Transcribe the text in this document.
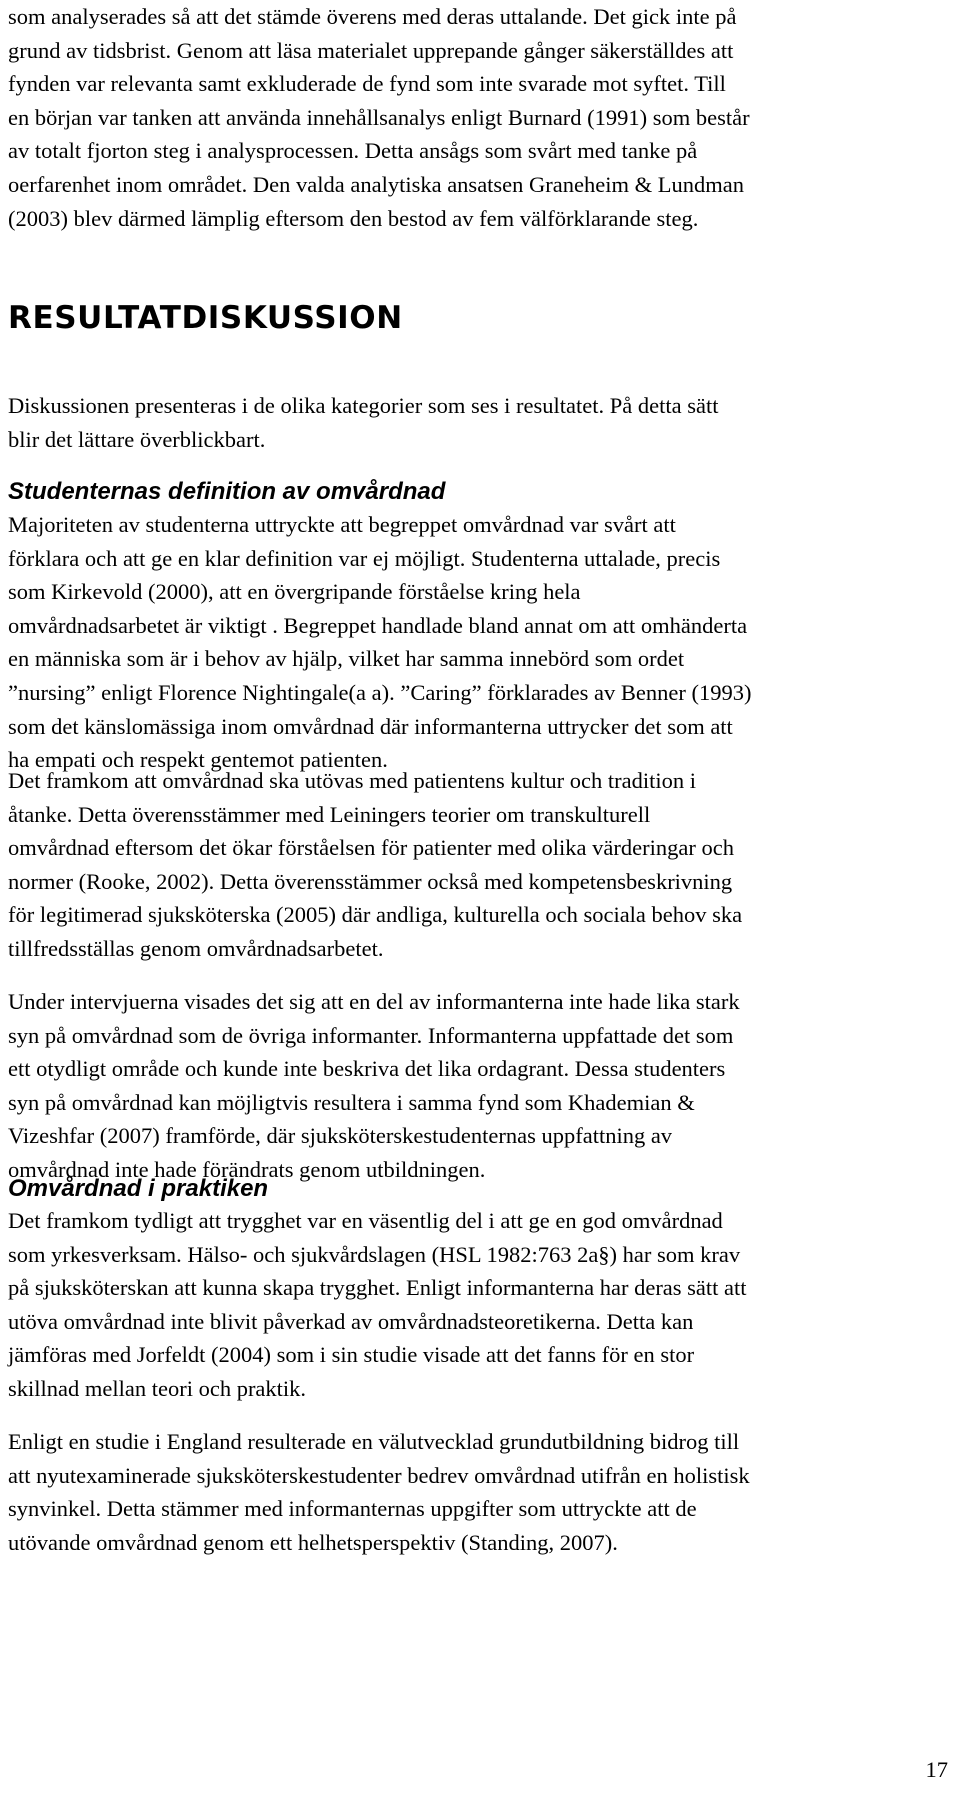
som analyserades så att det stämde överens med deras uttalande. Det gick inte på
grund av tidsbrist. Genom att läsa materialet upprepande gånger säkerställdes att
fynden var relevanta samt exkluderade de fynd som inte svarade mot syftet. Till
en början var tanken att använda innehållsanalys enligt Burnard (1991) som består
av totalt fjorton steg i analysprocessen. Detta ansågs som svårt med tanke på
oerfarenhet inom området. Den valda analytiska ansatsen Graneheim & Lundman
(2003) blev därmed lämplig eftersom den bestod av fem välförklarande steg.
RESULTATDISKUSSION
Diskussionen presenteras i de olika kategorier som ses i resultatet. På detta sätt
blir det lättare överblickbart.
Studenternas definition av omvårdnad
Majoriteten av studenterna uttryckte att begreppet omvårdnad var svårt att
förklara och att ge en klar definition var ej möjligt. Studenterna uttalade, precis
som Kirkevold (2000), att en övergripande förståelse kring hela
omvårdnadsarbetet är viktigt . Begreppet handlade bland annat om att omhänderta
en människa som är i behov av hjälp, vilket har samma innebörd som ordet
”nursing” enligt Florence Nightingale(a a). ”Caring” förklarades av Benner (1993)
som det känslomässiga inom omvårdnad där informanterna uttrycker det som att
ha empati och respekt gentemot patienten.
Det framkom att omvårdnad ska utövas med patientens kultur och tradition i
åtanke. Detta överensstämmer med Leiningers teorier om transkulturell
omvårdnad eftersom det ökar förståelsen för patienter med olika värderingar och
normer (Rooke, 2002). Detta överensstämmer också med kompetensbeskrivning
för legitimerad sjuksköterska (2005) där andliga, kulturella och sociala behov ska
tillfredsställas genom omvårdnadsarbetet.
Under intervjuerna visades det sig att en del av informanterna inte hade lika stark
syn på omvårdnad som de övriga informanter. Informanterna uppfattade det som
ett otydligt område och kunde inte beskriva det lika ordagrant. Dessa studenters
syn på omvårdnad kan möjligtvis resultera i samma fynd som Khademian &
Vizeshfar (2007) framförde, där sjuksköterskestudenternas uppfattning av
omvårdnad inte hade förändrats genom utbildningen.
Omvårdnad i praktiken
Det framkom tydligt att trygghet var en väsentlig del i att ge en god omvårdnad
som yrkesverksam. Hälso- och sjukvårdslagen (HSL 1982:763 2a§) har som krav
på sjuksköterskan att kunna skapa trygghet. Enligt informanterna har deras sätt att
utöva omvårdnad inte blivit påverkad av omvårdnadsteoretikerna. Detta kan
jämföras med Jorfeldt (2004) som i sin studie visade att det fanns för en stor
skillnad mellan teori och praktik.
Enligt en studie i England resulterade en välutvecklad grundutbildning bidrog till
att nyutexaminerade sjuksköterskestudenter bedrev omvårdnad utifrån en holistisk
synvinkel. Detta stämmer med informanternas uppgifter som uttryckte att de
utövande omvårdnad genom ett helhetsperspektiv (Standing, 2007).
17
